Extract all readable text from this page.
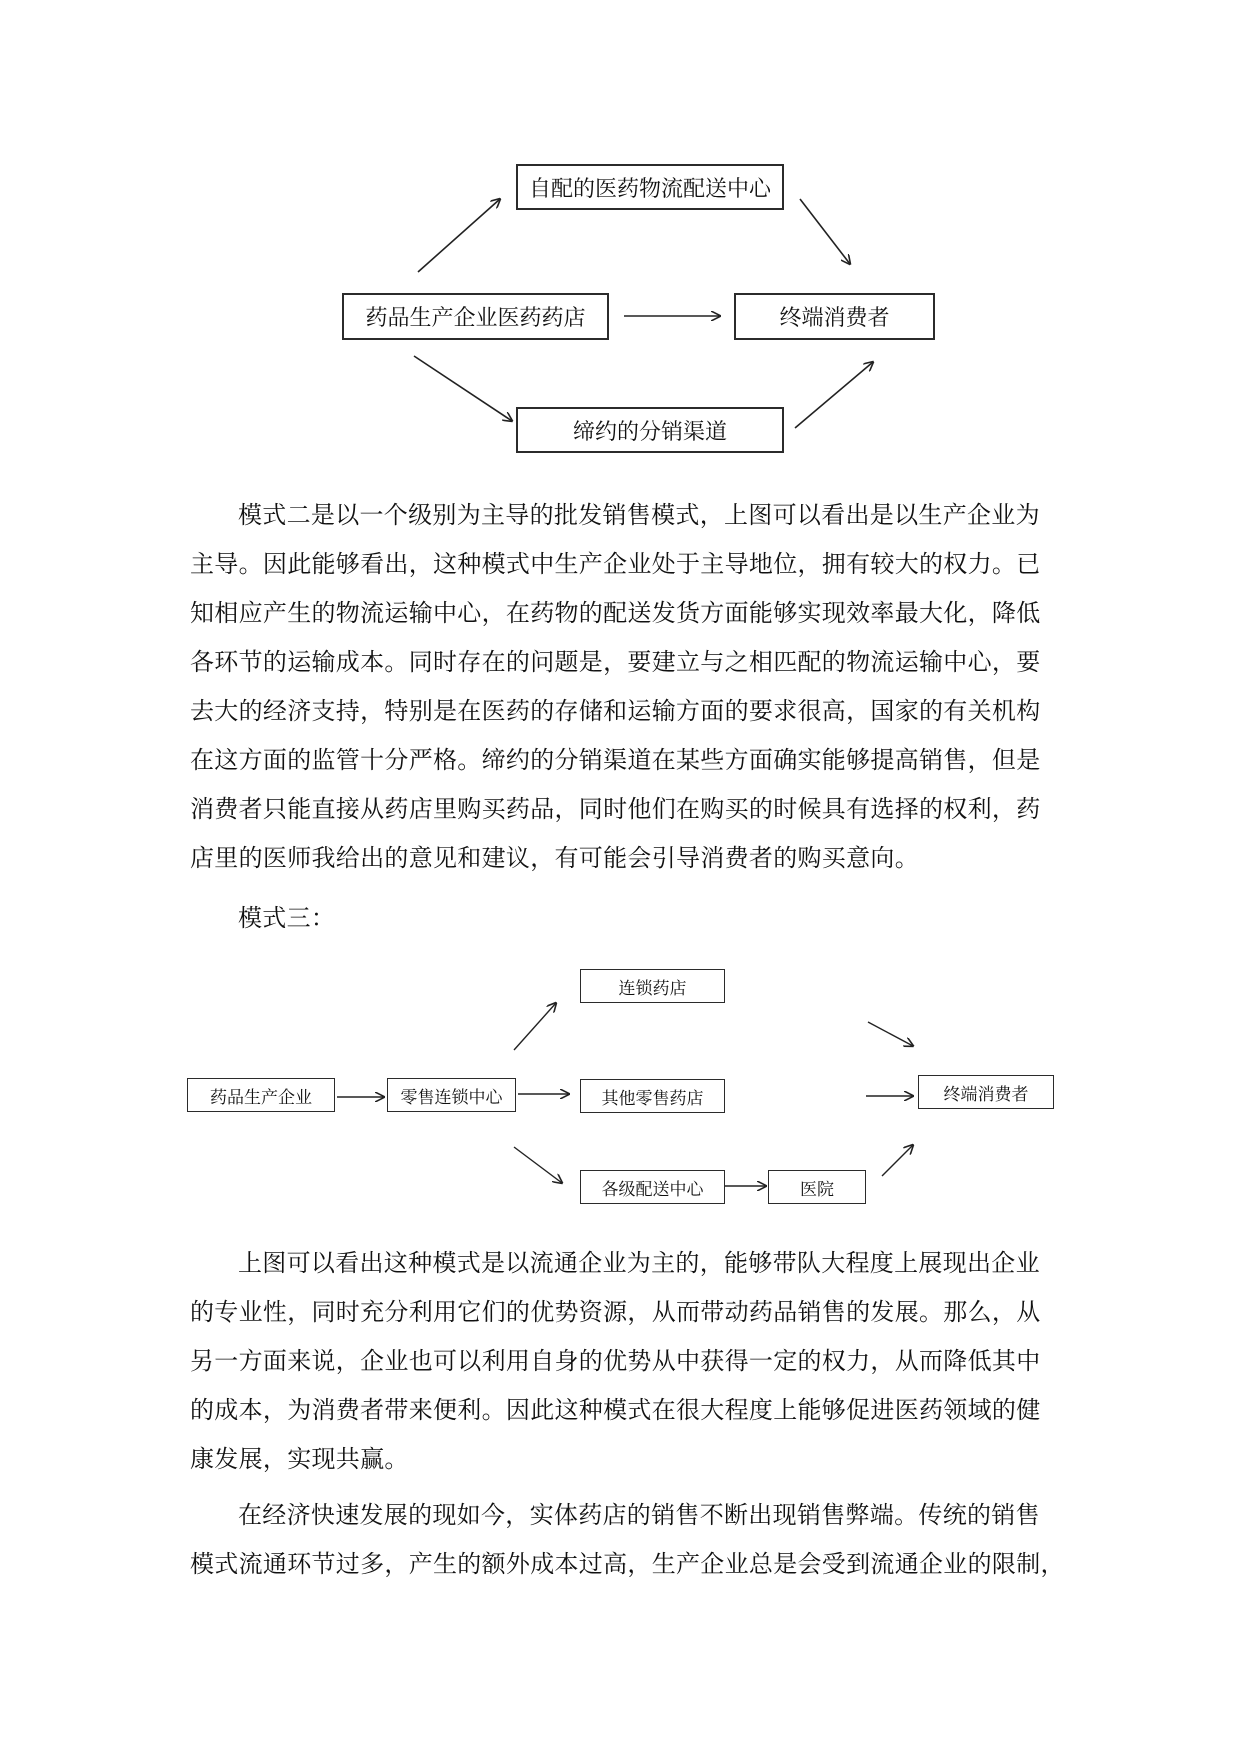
自配的医药物流配送中心
药品生产企业医药药店	终端消费者
缔约的分销渠道
模式二是以一个级别为主导的批发销售模式，上图可以看出是以生产企业为
主导。因此能够看出，这种模式中生产企业处于主导地位，拥有较大的权力。已
知相应产生的物流运输中心，在药物的配送发货方面能够实现效率最大化，降低
各环节的运输成本。同时存在的问题是，要建立与之相匹配的物流运输中心，要
去大的经济支持，特别是在医药的存储和运输方面的要求很高，国家的有关机构
在这方面的监管十分严格。缔约的分销渠道在某些方面确实能够提高销售，但是
消费者只能直接从药店里购买药品，同时他们在购买的时候具有选择的权利，药
店里的医师我给出的意见和建议，有可能会引导消费者的购买意向。
模式三：
药品生产企业	零售连锁中心
连锁药店
其他零售药店
各级配送中心	医院
终端消费者
上图可以看出这种模式是以流通企业为主的，能够带队大程度上展现出企业
的专业性，同时充分利用它们的优势资源，从而带动药品销售的发展。那么，从
另一方面来说，企业也可以利用自身的优势从中获得一定的权力，从而降低其中
的成本，为消费者带来便利。因此这种模式在很大程度上能够促进医药领域的健
康发展，实现共赢。
在经济快速发展的现如今，实体药店的销售不断出现销售弊端。传统的销售
模式流通环节过多，产生的额外成本过高，生产企业总是会受到流通企业的限制，
